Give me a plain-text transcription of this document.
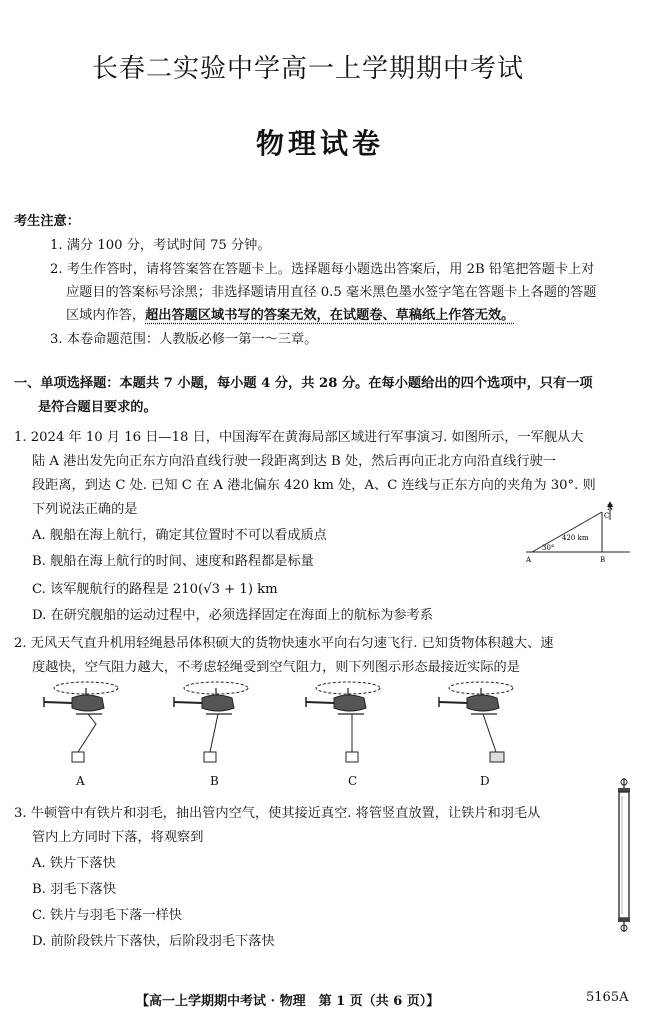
长春二实验中学高一上学期期中考试
物理试卷
考生注意：
1. 满分 100 分，考试时间 75 分钟。
2. 考生作答时，请将答案答在答题卡上。选择题每小题选出答案后，用 2B 铅笔把答题卡上对
应题目的答案标号涂黑；非选择题请用直径 0.5 毫米黑色墨水签字笔在答题卡上各题的答题
区域内作答，超出答题区域书写的答案无效，在试题卷、草稿纸上作答无效。
3. 本卷命题范围：人教版必修一第一～三章。
一、单项选择题：本题共 7 小题，每小题 4 分，共 28 分。在每小题给出的四个选项中，只有一项
是符合题目要求的。
1. 2024 年 10 月 16 日—18 日，中国海军在黄海局部区域进行军事演习. 如图所示，一军舰从大
陆 A 港出发先向正东方向沿直线行驶一段距离到达 B 处，然后再向正北方向沿直线行驶一
段距离，到达 C 处. 已知 C 在 A 港北偏东 420 km 处，A、C 连线与正东方向的夹角为 30°. 则
下列说法正确的是
A. 舰船在海上航行，确定其位置时不可以看成质点
B. 舰船在海上航行的时间、速度和路程都是标量
C. 该军舰航行的路程是 210(√3 + 1) km
D. 在研究舰船的运动过程中，必须选择固定在海面上的航标为参考系
N
C
420 km
30°
A	B
2. 无风天气直升机用轻绳悬吊体积硕大的货物快速水平向右匀速飞行. 已知货物体积越大、速
度越快，空气阻力越大，不考虑轻绳受到空气阻力，则下列图示形态最接近实际的是
A	B	C	D
3. 牛顿管中有铁片和羽毛，抽出管内空气，使其接近真空. 将管竖直放置，让铁片和羽毛从
管内上方同时下落，将观察到
A. 铁片下落快
B. 羽毛下落快
C. 铁片与羽毛下落一样快
D. 前阶段铁片下落快，后阶段羽毛下落快
【高一上学期期中考试 · 物理　第 1 页（共 6 页）】	5165A
